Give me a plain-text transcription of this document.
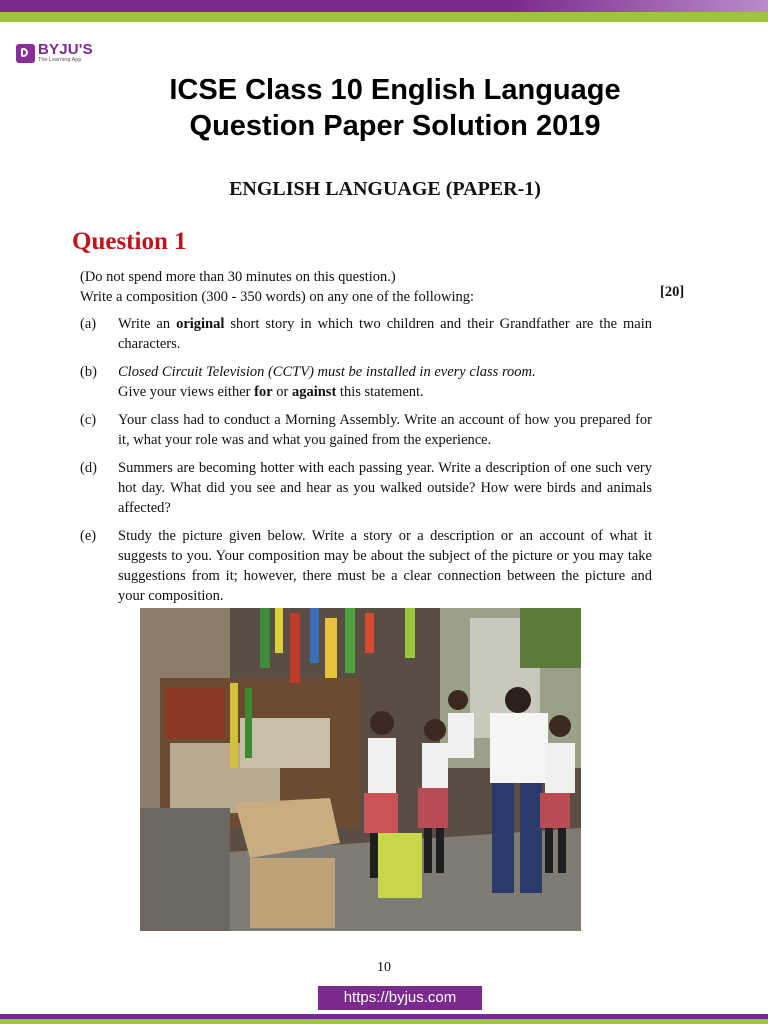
BYJU'S
The Learning App
ICSE Class 10 English Language
Question Paper Solution 2019
ENGLISH LANGUAGE (PAPER-1)
Question 1
(Do not spend more than 30 minutes on this question.)
Write a composition (300 - 350 words) on any one of the following:	[20]
(a)	Write an original short story in which two children and their Grandfather are the main characters.
(b)	Closed Circuit Television (CCTV) must be installed in every class room.
Give your views either for or against this statement.
(c)	Your class had to conduct a Morning Assembly. Write an account of how you prepared for it, what your role was and what you gained from the experience.
(d)	Summers are becoming hotter with each passing year. Write a description of one such very hot day. What did you see and hear as you walked outside? How were birds and animals affected?
(e)	Study the picture given below. Write a story or a description or an account of what it suggests to you. Your composition may be about the subject of the picture or you may take suggestions from it; however, there must be a clear connection between the picture and your composition.
10
https://byjus.com
